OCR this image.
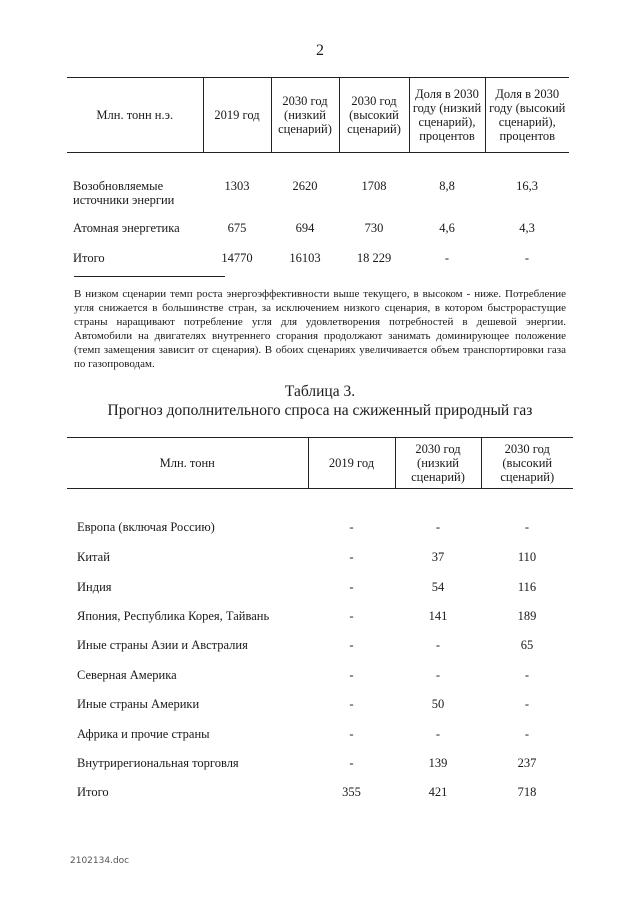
2
Млн. тонн н.э.	2019 год	2030 год (низкий сценарий)	2030 год (высокий сценарий)	Доля в 2030 году (низкий сценарий), процентов	Доля в 2030 году (высокий сценарий), процентов
Возобновляемые источники энергии	1303	2620	1708	8,8	16,3
Атомная энергетика	675	694	730	4,6	4,3
Итого	14770	16103	18 229	-	-
В низком сценарии темп роста энергоэффективности выше текущего, в высоком - ниже. Потребление угля снижается в большинстве стран, за исключением низкого сценария, в котором быстрорастущие страны наращивают потребление угля для удовлетворения потребностей в дешевой энергии. Автомобили на двигателях внутреннего сгорания продолжают занимать доминирующее положение (темп замещения зависит от сценария). В обоих сценариях увеличивается объем транспортировки газа по газопроводам.
Таблица 3.
Прогноз дополнительного спроса на сжиженный природный газ
Млн. тонн	2019 год	2030 год (низкий сценарий)	2030 год (высокий сценарий)
Европа (включая Россию)	-	-	-
Китай	-	37	110
Индия	-	54	116
Япония, Республика Корея, Тайвань	-	141	189
Иные страны Азии и Австралия	-	-	65
Северная Америка	-	-	-
Иные страны Америки	-	50	-
Африка и прочие страны	-	-	-
Внутрирегиональная торговля	-	139	237
Итого	355	421	718
2102134.doc
